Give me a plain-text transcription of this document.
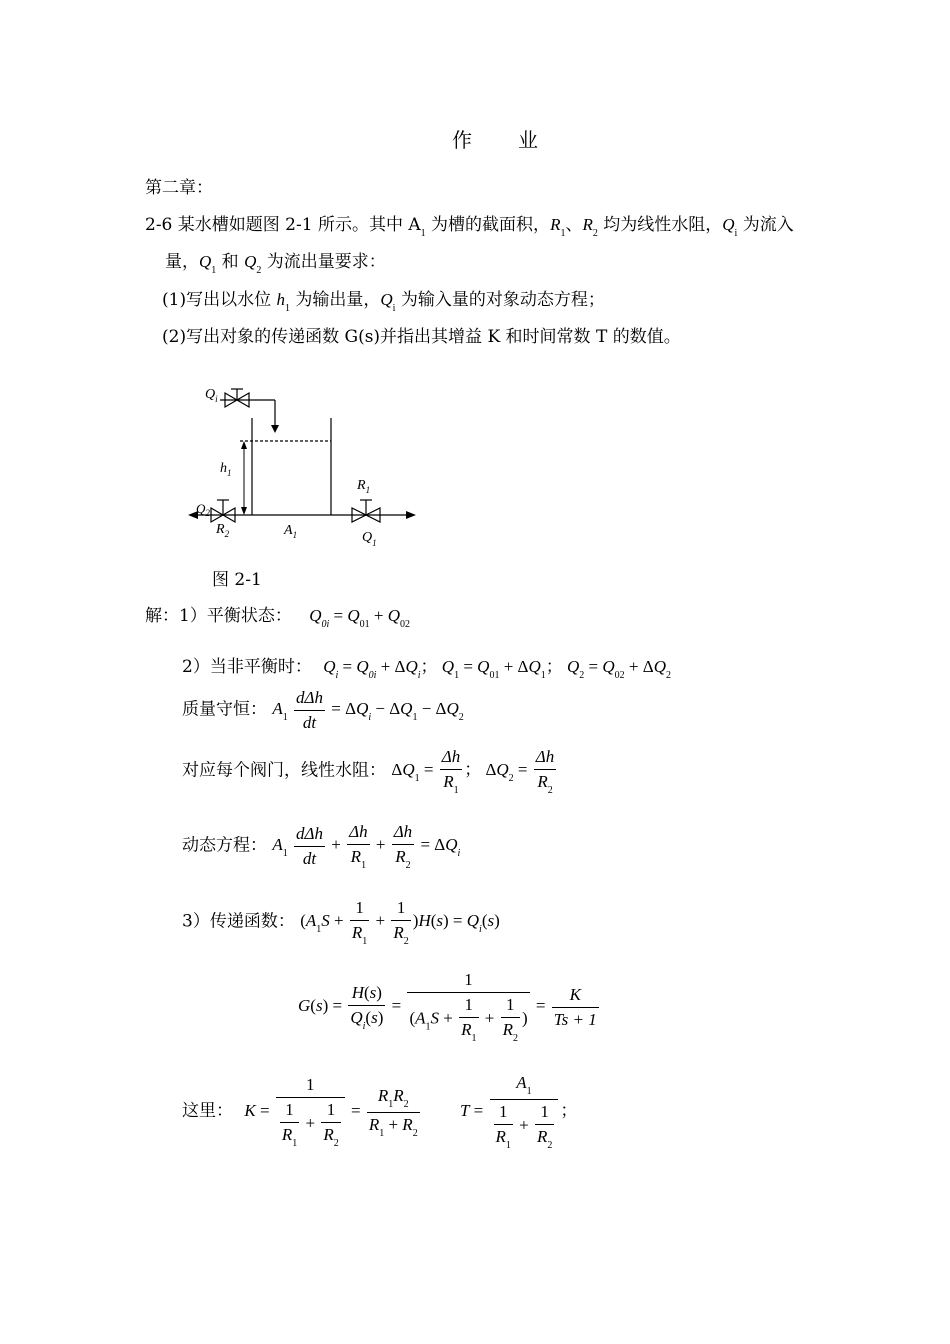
作　　业
第二章：
2-6 某水槽如题图 2-1 所示。其中 $A_1$ 为槽的截面积，$R_1$、$R_2$ 均为线性水阻，$Q_i$ 为流入
量，$Q_1$ 和 $Q_2$ 为流出量要求：
(1)写出以水位 $h_1$ 为输出量，$Q_i$ 为输入量的对象动态方程；
(2)写出对象的传递函数 G(s)并指出其增益 K 和时间常数 T 的数值。
$Q_i$
$h_1$
$Q_2$
$R_2$
$R_1$
$A_1$	$Q_1$
图 2-1
解：1）平衡状态： $Q_{0i} = Q_{01} + Q_{02}$
2）当非平衡时： $Q_i = Q_{0i} + \Delta Q_i$； $Q_1 = Q_{01} + \Delta Q_1$； $Q_2 = Q_{02} + \Delta Q_2$
质量守恒： $A_1 \frac{\text{dΔh}}{dt} = \Delta Q_i - \Delta Q_1 - \Delta Q_2$
对应每个阀门，线性水阻： $\Delta Q_1 = \frac{\Delta h}{R_1}$ ； $\Delta Q_2 = \frac{\Delta h}{R_2}$
动态方程： $A_1 \frac{\text{dΔh}}{dt} + \frac{\Delta h}{R_1} + \frac{\Delta h}{R_2} = \Delta Q_i$
3）传递函数： $(A_1S + \frac{1}{R_1} + \frac{1}{R_2} )H(s) = Q_i(s)$
$G(s) = \frac{H(s)}{Q_i(s)} = \frac{1}{(A_1S + \frac{1}{R_1} + \frac{1}{R_2} )} = \frac{K}{Ts + 1}$
这里： $K = \frac{1}{\frac{1}{R_1} + \frac{1}{R_2}} = \frac{R_1R_2}{R_1 + R_2}$ $T = \frac{A_1}{\frac{1}{R_1} + \frac{1}{R_2}}$ ；
